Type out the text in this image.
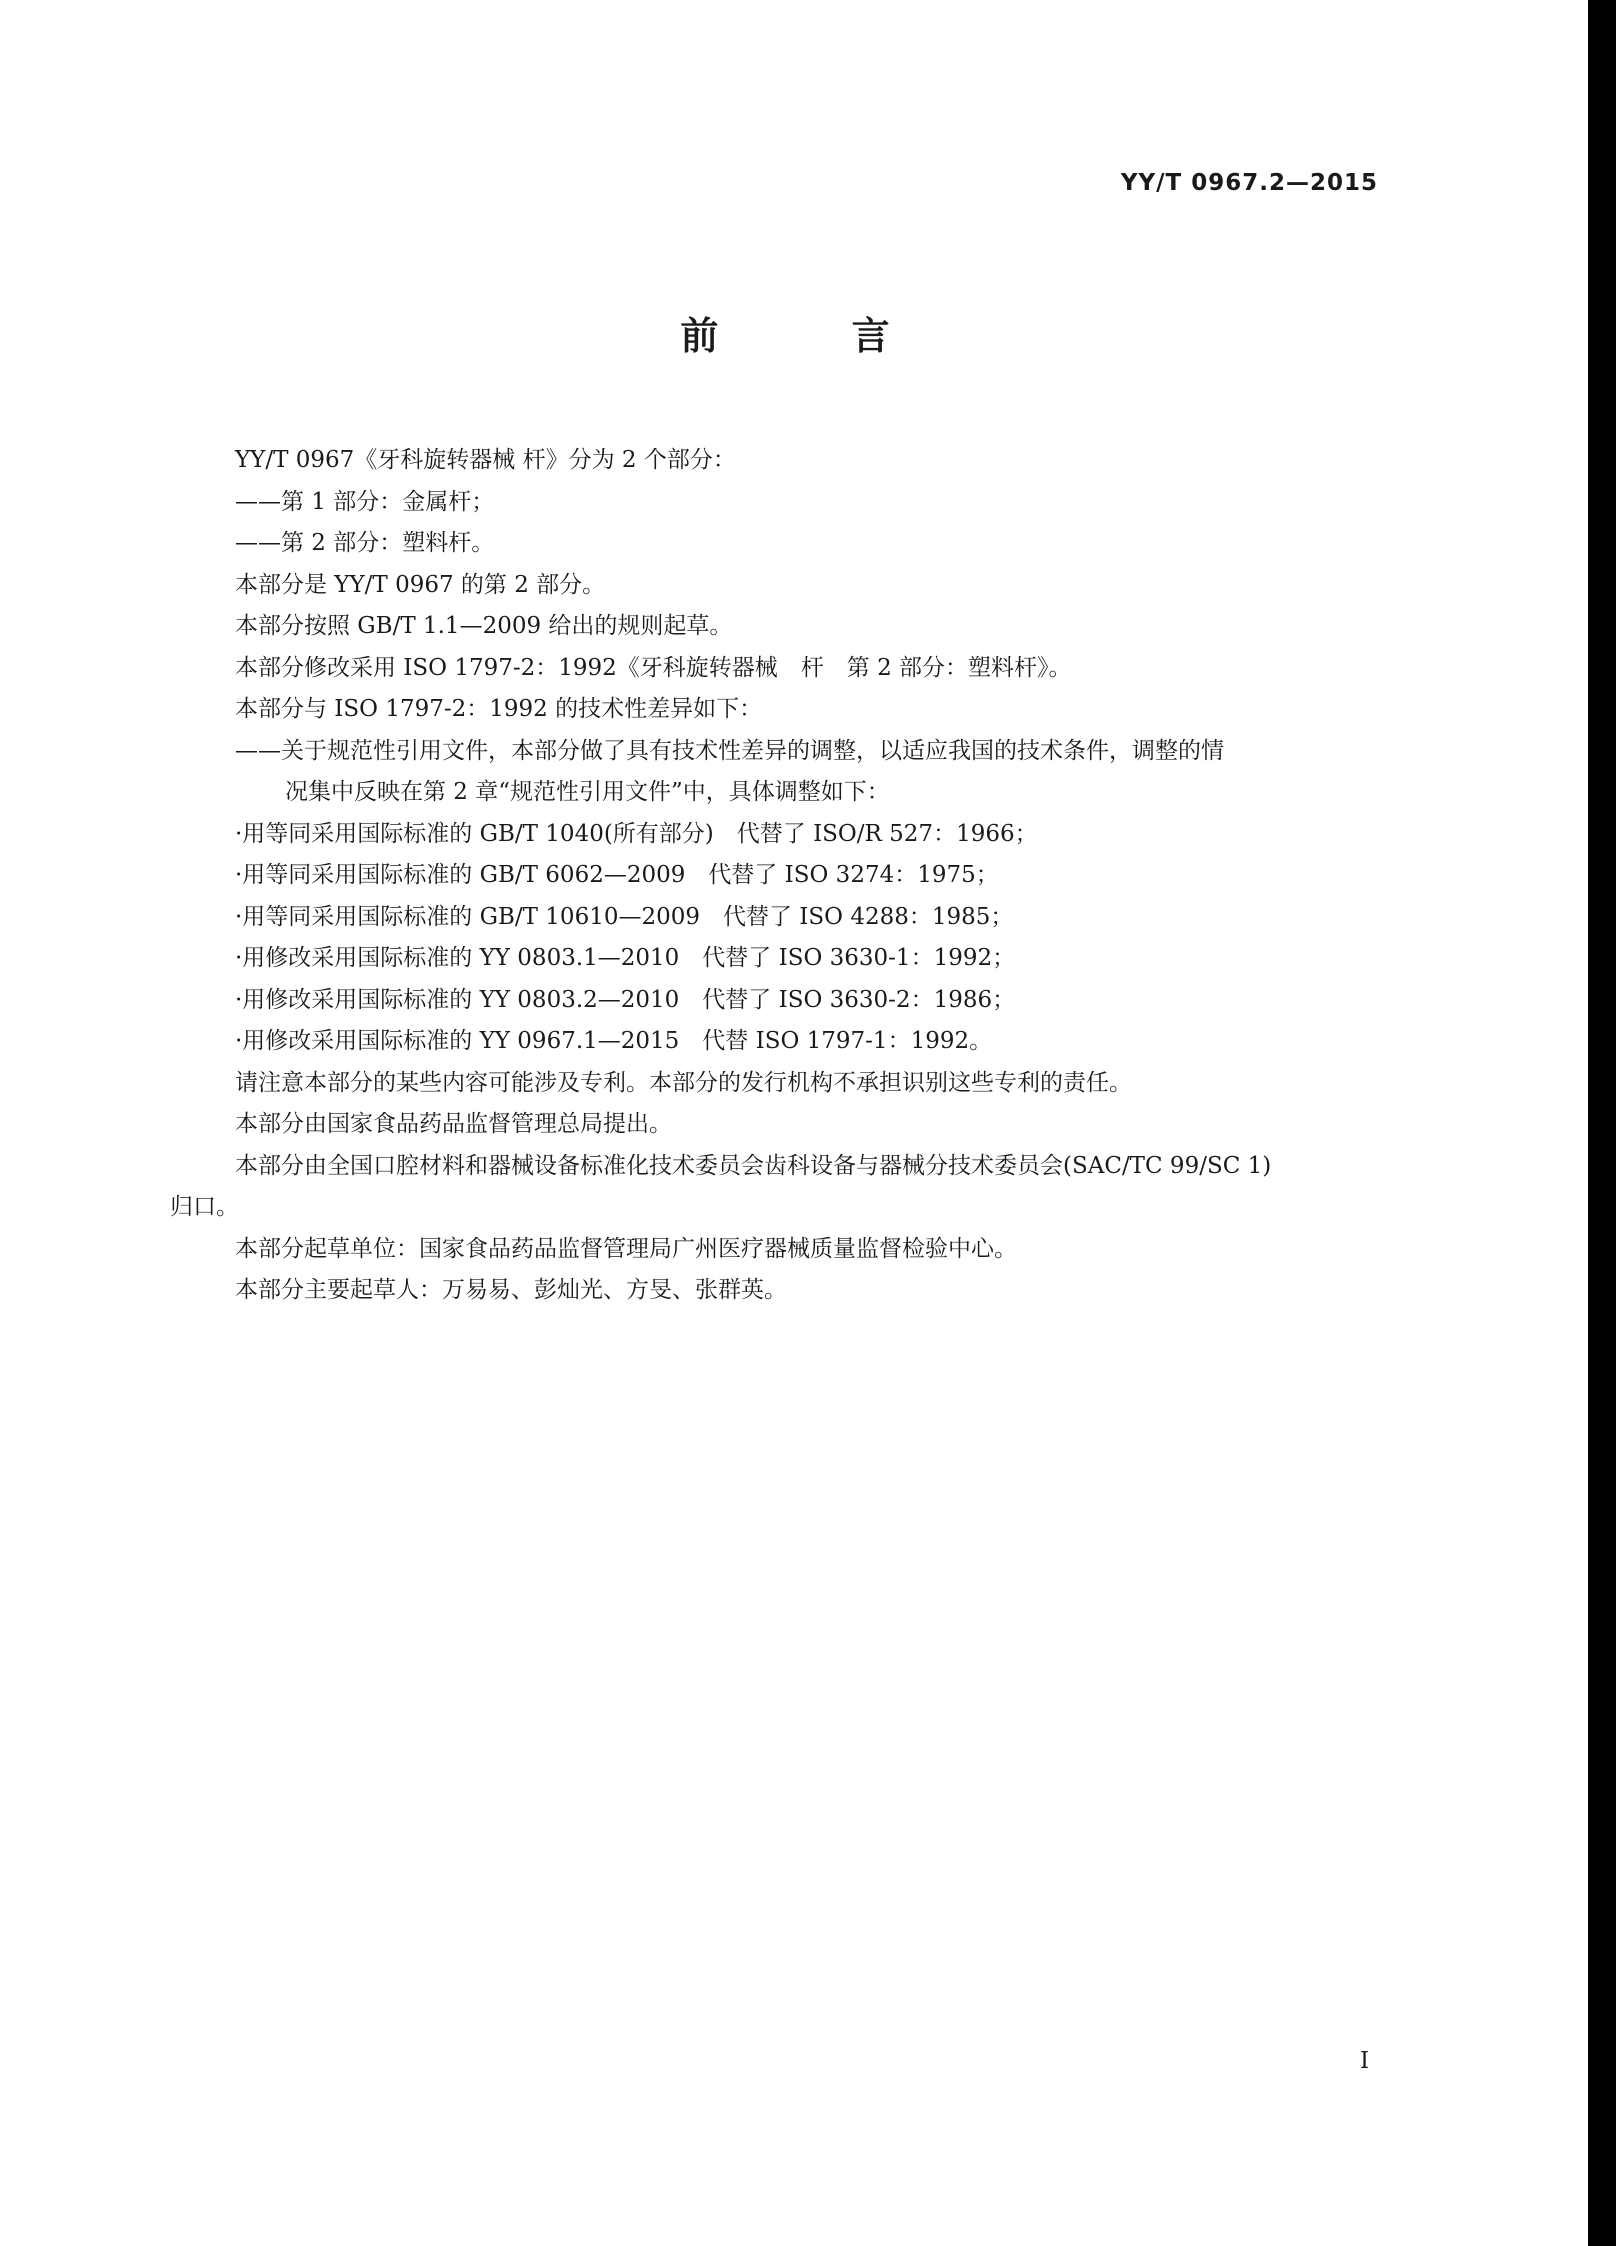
YY/T 0967.2—2015
前 言

YY/T 0967《牙科旋转器械 杆》分为 2 个部分：

——第 1 部分：金属杆；

——第 2 部分：塑料杆。

本部分是 YY/T 0967 的第 2 部分。

本部分按照 GB/T 1.1—2009 给出的规则起草。

本部分修改采用 ISO 1797-2：1992《牙科旋转器械　杆　第 2 部分：塑料杆》。

本部分与 ISO 1797-2：1992 的技术性差异如下：

——关于规范性引用文件，本部分做了具有技术性差异的调整，以适应我国的技术条件，调整的情

况集中反映在第 2 章“规范性引用文件”中，具体调整如下：

·用等同采用国际标准的 GB/T 1040(所有部分)　代替了 ISO/R 527：1966；

·用等同采用国际标准的 GB/T 6062—2009　代替了 ISO 3274：1975；

·用等同采用国际标准的 GB/T 10610—2009　代替了 ISO 4288：1985；

·用修改采用国际标准的 YY 0803.1—2010　代替了 ISO 3630-1：1992；

·用修改采用国际标准的 YY 0803.2—2010　代替了 ISO 3630-2：1986；

·用修改采用国际标准的 YY 0967.1—2015　代替 ISO 1797-1：1992。

请注意本部分的某些内容可能涉及专利。本部分的发行机构不承担识别这些专利的责任。

本部分由国家食品药品监督管理总局提出。

本部分由全国口腔材料和器械设备标准化技术委员会齿科设备与器械分技术委员会(SAC/TC 99/SC 1)

归口。

本部分起草单位：国家食品药品监督管理局广州医疗器械质量监督检验中心。

本部分主要起草人：万易易、彭灿光、方旻、张群英。

I
